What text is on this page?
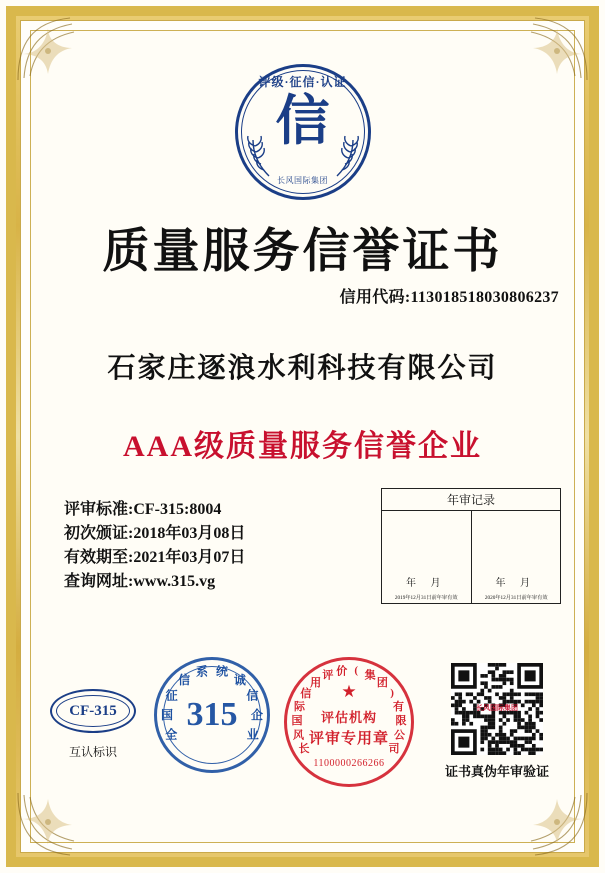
评级·征信·认证
信
长风国际集团
质量服务信誉证书
信用代码:113018518030806237
石家庄逐浪水利科技有限公司
AAA级质量服务信誉企业
评审标准:CF-315:8004
初次颁证:2018年03月08日
有效期至:2021年03月07日
查询网址:www.315.vg
年审记录
年 月
2019年12月31日前年审有效
年 月
2020年12月31日前年审有效
CF-315
互认标识
315
全
国
征
信
系 统
诚
信
企
业
★
长
风
国
际
信
用
评 价 ( 集
团
)
有
限
公
司
评估机构
评审专用章
1100000266266
长风国际集团
证书真伪年审验证
